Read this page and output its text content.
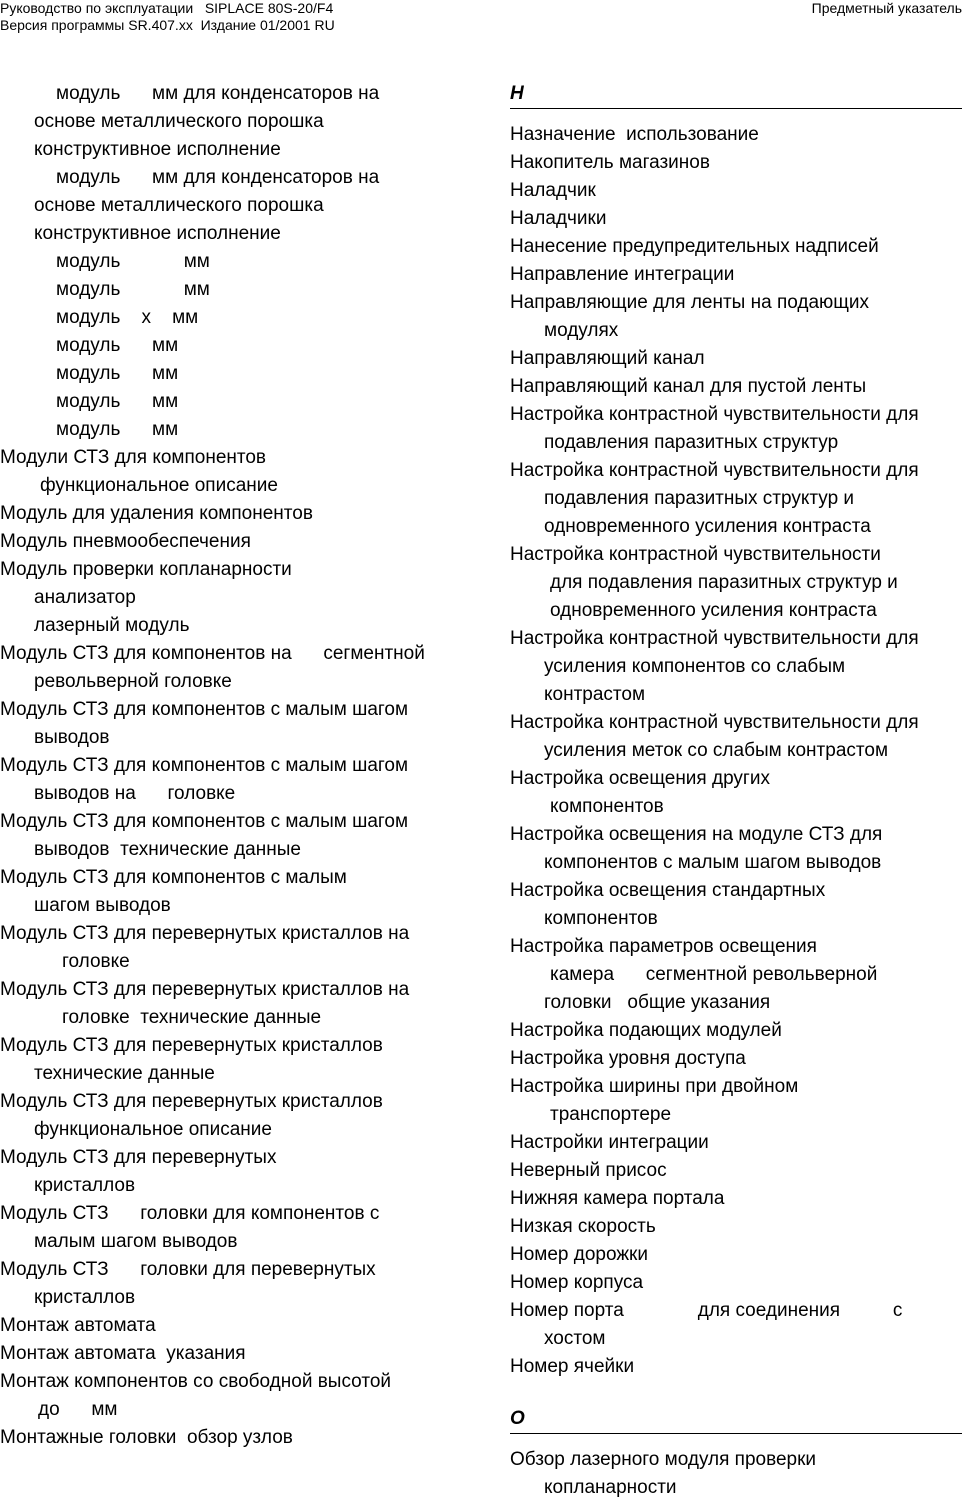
Руководство по эксплуатации   SIPLACE 80S-20/F4
Версия программы SR.407.xx  Издание 01/2001 RU
Предметный указатель
модуль      мм для конденсаторов на
основе металлического порошка
конструктивное исполнение
модуль      мм для конденсаторов на
основе металлического порошка
конструктивное исполнение
модуль            мм
модуль            мм
модуль    х    мм
модуль      мм
модуль      мм
модуль      мм
модуль      мм
Модули СТЗ для компонентов
функциональное описание
Модуль для удаления компонентов
Модуль пневмообеспечения
Модуль проверки копланарности
анализатор
лазерный модуль
Модуль СТЗ для компонентов на      сегментной
револьверной головке
Модуль СТЗ для компонентов с малым шагом
выводов
Модуль СТЗ для компонентов с малым шагом
выводов на      головке
Модуль СТЗ для компонентов с малым шагом
выводов  технические данные
Модуль СТЗ для компонентов с малым
шагом выводов
Модуль СТЗ для перевернутых кристаллов на
головке
Модуль СТЗ для перевернутых кристаллов на
головке  технические данные
Модуль СТЗ для перевернутых кристаллов
технические данные
Модуль СТЗ для перевернутых кристаллов
функциональное описание
Модуль СТЗ для перевернутых
кристаллов
Модуль СТЗ      головки для компонентов с
малым шагом выводов
Модуль СТЗ      головки для перевернутых
кристаллов
Монтаж автомата
Монтаж автомата  указания
Монтаж компонентов со свободной высотой
до      мм
Монтажные головки  обзор узлов
Н
Назначение  использование
Накопитель магазинов
Наладчик
Наладчики
Нанесение предупредительных надписей
Направление интеграции
Направляющие для ленты на подающих
модулях
Направляющий канал
Направляющий канал для пустой ленты
Настройка контрастной чувствительности для
подавления паразитных структур
Настройка контрастной чувствительности для
подавления паразитных структур и
одновременного усиления контраста
Настройка контрастной чувствительности
для подавления паразитных структур и
одновременного усиления контраста
Настройка контрастной чувствительности для
усиления компонентов со слабым
контрастом
Настройка контрастной чувствительности для
усиления меток со слабым контрастом
Настройка освещения других
компонентов
Настройка освещения на модуле СТЗ для
компонентов с малым шагом выводов
Настройка освещения стандартных
компонентов
Настройка параметров освещения
камера      сегментной револьверной
головки   общие указания
Настройка подающих модулей
Настройка уровня доступа
Настройка ширины при двойном
транспортере
Настройки интеграции
Неверный присос
Нижняя камера портала
Низкая скорость
Номер дорожки
Номер корпуса
Номер порта              для соединения          с
хостом
Номер ячейки
О
Обзор лазерного модуля проверки
копланарности
